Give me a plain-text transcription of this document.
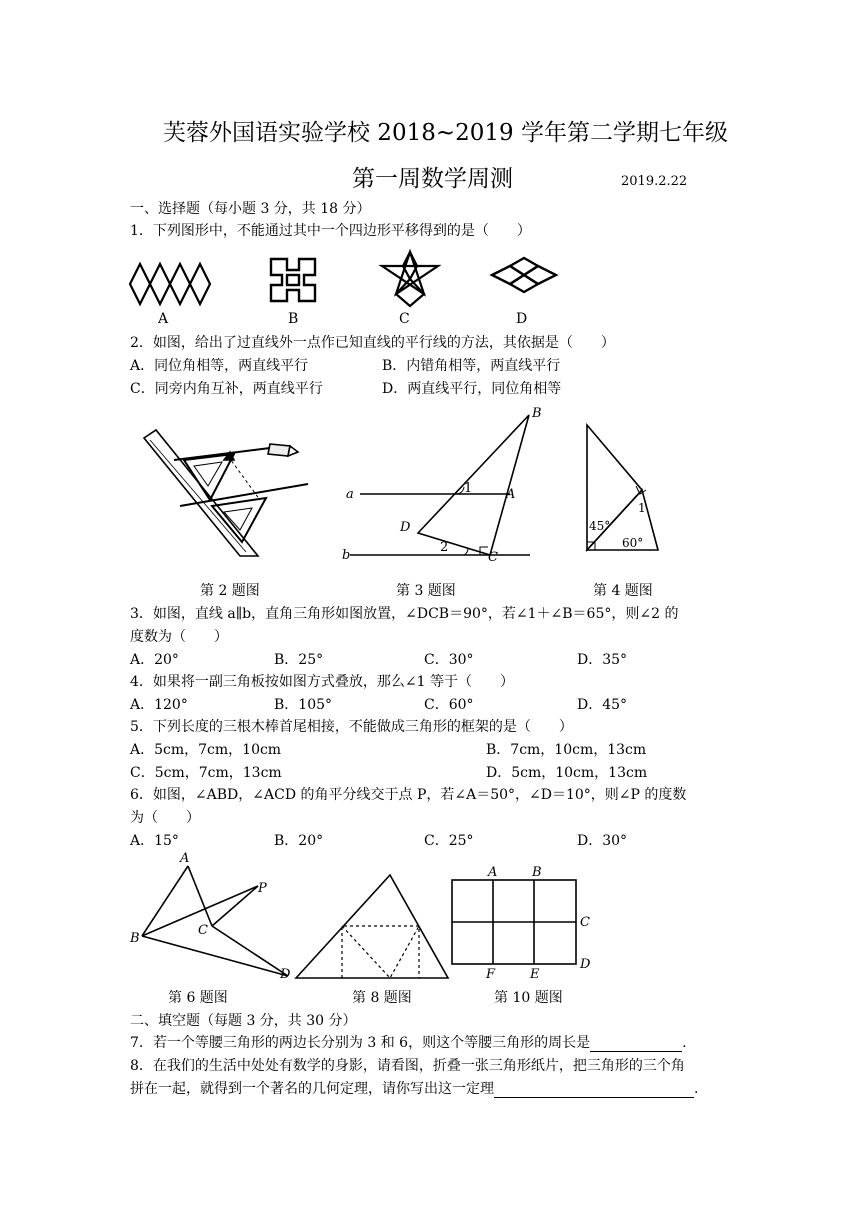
芙蓉外国语实验学校 2018~2019 学年第二学期七年级
第一周数学周测	2019.2.22
一、选择题（每小题 3 分，共 18 分）
1．下列图形中，不能通过其中一个四边形平移得到的是（　　）
A	B	C	D
2．如图，给出了过直线外一点作已知直线的平行线的方法，其依据是（　　）
A．同位角相等，两直线平行	B．内错角相等，两直线平行
C．同旁内角互补，两直线平行	D．两直线平行，同位角相等
B
a	A
D
b	C
1
2
1
45°
60°
第 2 题图	第 3 题图	第 4 题图
3．如图，直线 a∥b，直角三角形如图放置，∠DCB＝90°，若∠1＋∠B＝65°，则∠2 的
度数为（　　）
A．20°	B．25°	C．30°	D．35°
4．如果将一副三角板按如图方式叠放，那么∠1 等于（　　）
A．120°	B．105°	C．60°	D．45°
5．下列长度的三根木棒首尾相接，不能做成三角形的框架的是（　　）
A．5cm，7cm，10cm	B．7cm，10cm，13cm
C．5cm，7cm，13cm	D．5cm，10cm，13cm
6．如图，∠ABD，∠ACD 的角平分线交于点 P，若∠A＝50°，∠D＝10°，则∠P 的度数
为（　　）
A．15°	B．20°	C．25°	D．30°
A
P
B
C
D
A	B
C
D
F	E
第 6 题图	第 8 题图	第 10 题图
二、填空题（每题 3 分，共 30 分）
7．若一个等腰三角形的两边长分别为 3 和 6，则这个等腰三角形的周长是	.
8．在我们的生活中处处有数学的身影，请看图，折叠一张三角形纸片，把三角形的三个角
拼在一起，就得到一个著名的几何定理，请你写出这一定理	.
